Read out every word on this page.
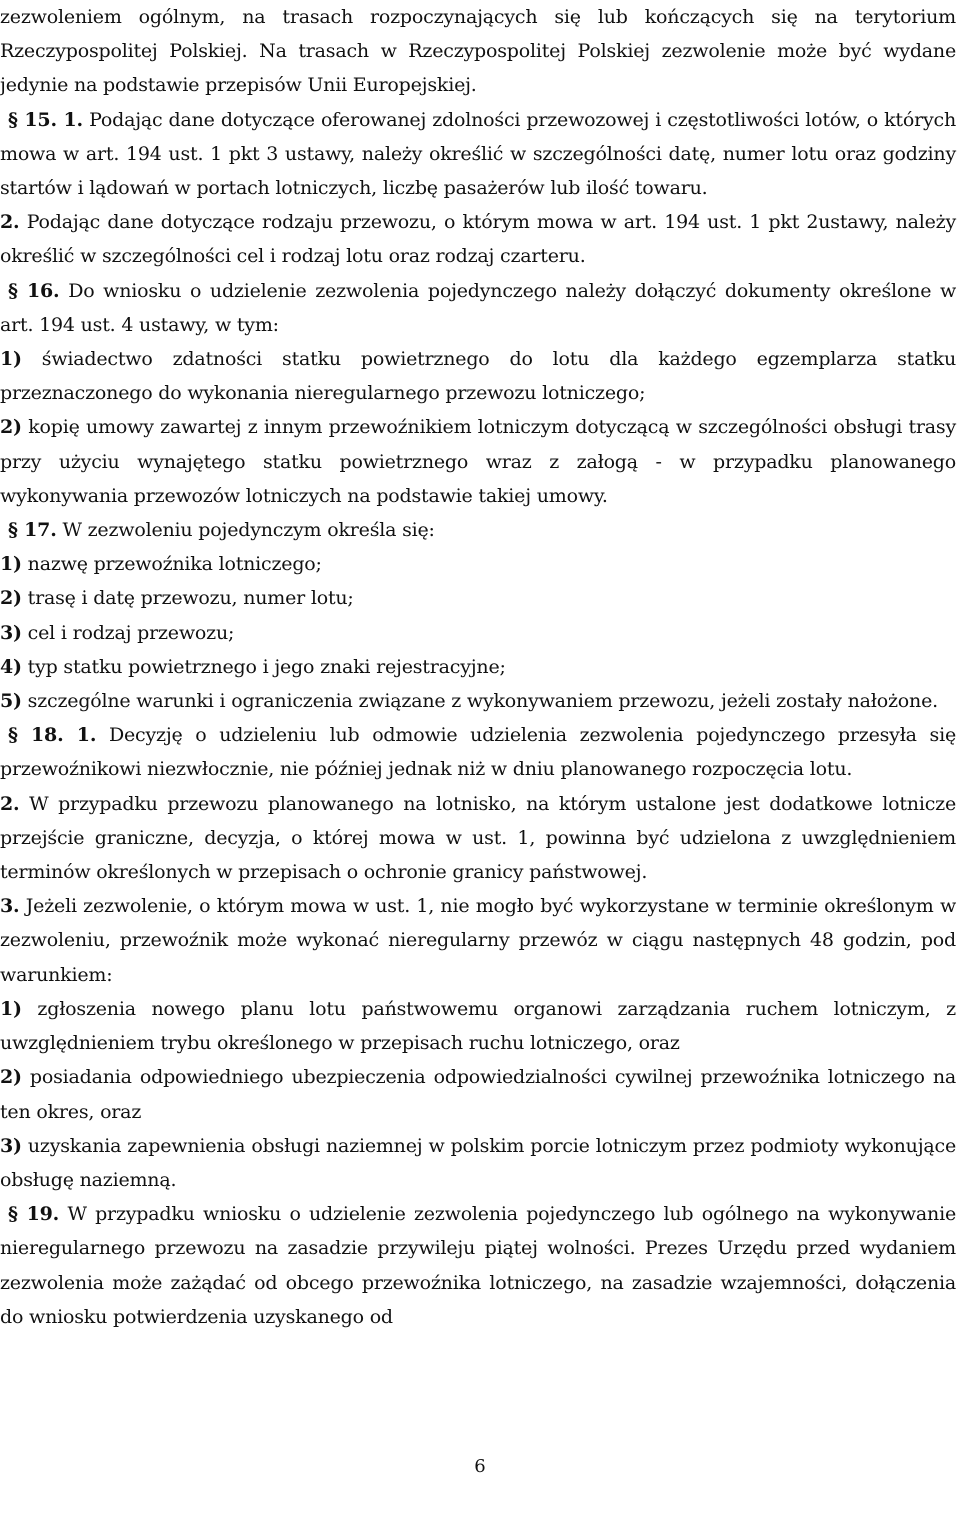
zezwoleniem ogólnym, na trasach rozpoczynających się lub kończących się na terytorium Rzeczypospolitej Polskiej. Na trasach w Rzeczypospolitej Polskiej zezwolenie może być wydane jedynie na podstawie przepisów Unii Europejskiej.

§ 15. 1. Podając dane dotyczące oferowanej zdolności przewozowej i częstotliwości lotów, o których mowa w art. 194 ust. 1 pkt 3 ustawy, należy określić w szczególności datę, numer lotu oraz godziny startów i lądowań w portach lotniczych, liczbę pasażerów lub ilość towaru.

2. Podając dane dotyczące rodzaju przewozu, o którym mowa w art. 194 ust. 1 pkt 2ustawy, należy określić w szczególności cel i rodzaj lotu oraz rodzaj czarteru.

§ 16. Do wniosku o udzielenie zezwolenia pojedynczego należy dołączyć dokumenty określone w art. 194 ust. 4 ustawy, w tym:

1) świadectwo zdatności statku powietrznego do lotu dla każdego egzemplarza statku przeznaczonego do wykonania nieregularnego przewozu lotniczego;

2) kopię umowy zawartej z innym przewoźnikiem lotniczym dotyczącą w szczególności obsługi trasy przy użyciu wynajętego statku powietrznego wraz z załogą - w przypadku planowanego wykonywania przewozów lotniczych na podstawie takiej umowy.

§ 17. W zezwoleniu pojedynczym określa się:

1) nazwę przewoźnika lotniczego;

2) trasę i datę przewozu, numer lotu;

3) cel i rodzaj przewozu;

4) typ statku powietrznego i jego znaki rejestracyjne;

5) szczególne warunki i ograniczenia związane z wykonywaniem przewozu, jeżeli zostały nałożone.

§ 18. 1. Decyzję o udzieleniu lub odmowie udzielenia zezwolenia pojedynczego przesyła się przewoźnikowi niezwłocznie, nie później jednak niż w dniu planowanego rozpoczęcia lotu.

2. W przypadku przewozu planowanego na lotnisko, na którym ustalone jest dodatkowe lotnicze przejście graniczne, decyzja, o której mowa w ust. 1, powinna być udzielona z uwzględnieniem terminów określonych w przepisach o ochronie granicy państwowej.

3. Jeżeli zezwolenie, o którym mowa w ust. 1, nie mogło być wykorzystane w terminie określonym w zezwoleniu, przewoźnik może wykonać nieregularny przewóz w ciągu następnych 48 godzin, pod warunkiem:

1) zgłoszenia nowego planu lotu państwowemu organowi zarządzania ruchem lotniczym, z uwzględnieniem trybu określonego w przepisach ruchu lotniczego, oraz

2) posiadania odpowiedniego ubezpieczenia odpowiedzialności cywilnej przewoźnika lotniczego na ten okres, oraz

3) uzyskania zapewnienia obsługi naziemnej w polskim porcie lotniczym przez podmioty wykonujące obsługę naziemną.

§ 19. W przypadku wniosku o udzielenie zezwolenia pojedynczego lub ogólnego na wykonywanie nieregularnego przewozu na zasadzie przywileju piątej wolności. Prezes Urzędu przed wydaniem zezwolenia może zażądać od obcego przewoźnika lotniczego, na zasadzie wzajemności, dołączenia do wniosku potwierdzenia uzyskanego od

6
